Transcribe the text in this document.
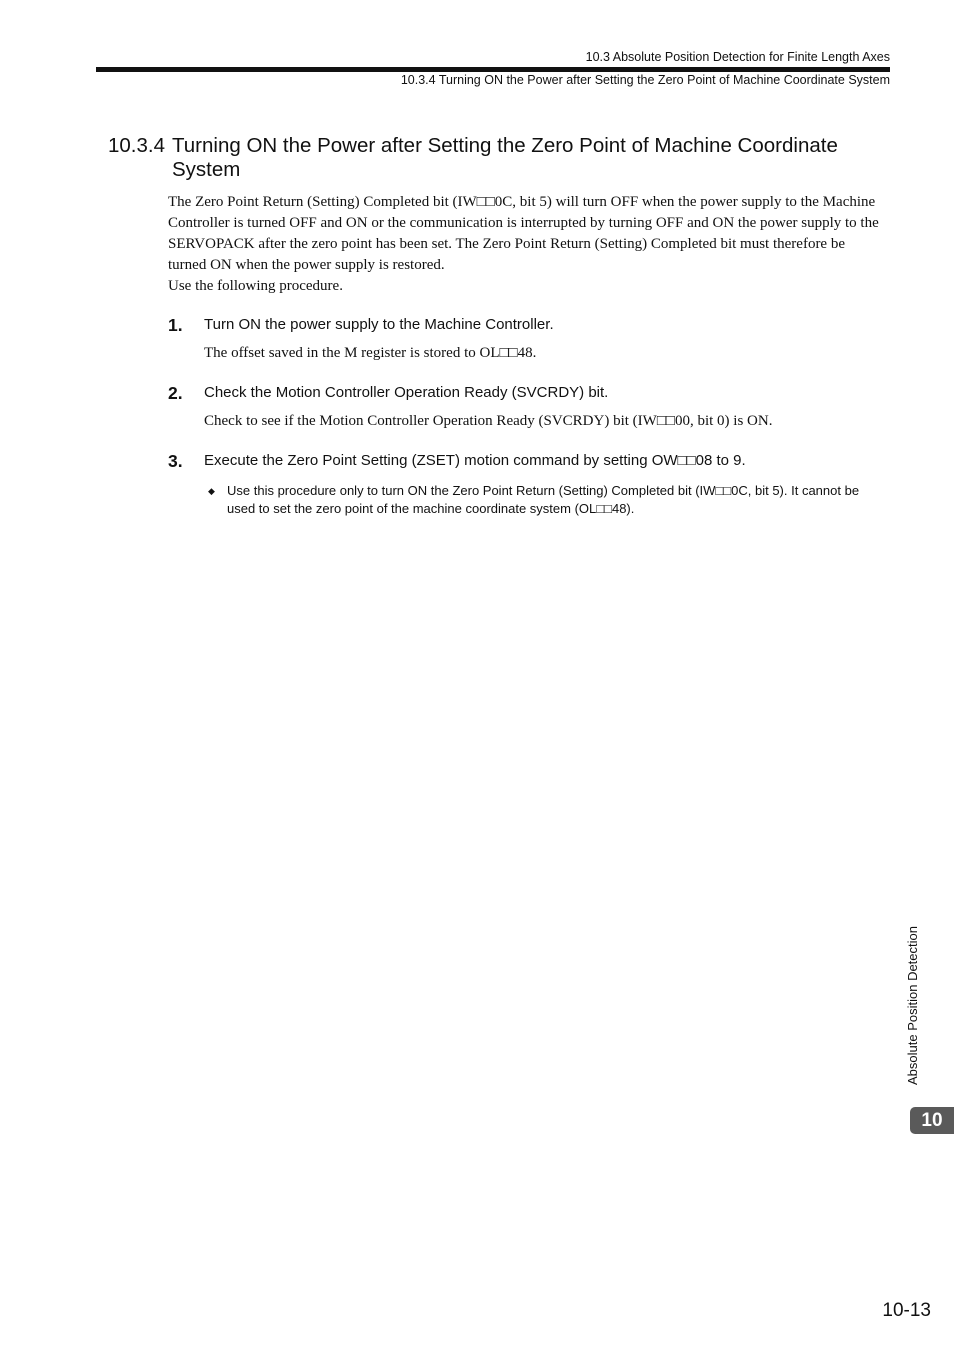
10.3 Absolute Position Detection for Finite Length Axes
10.3.4 Turning ON the Power after Setting the Zero Point of Machine Coordinate System
10.3.4 Turning ON the Power after Setting the Zero Point of Machine Coordinate
System

The Zero Point Return (Setting) Completed bit (IW□□0C, bit 5) will turn OFF when the power supply to the Machine

Controller is turned OFF and ON or the communication is interrupted by turning OFF and ON the power supply to the

SERVOPACK after the zero point has been set. The Zero Point Return (Setting) Completed bit must therefore be

turned ON when the power supply is restored.

Use the following procedure.

1. Turn ON the power supply to the Machine Controller.
The offset saved in the M register is stored to OL□□48.
2. Check the Motion Controller Operation Ready (SVCRDY) bit.
Check to see if the Motion Controller Operation Ready (SVCRDY) bit (IW□□00, bit 0) is ON.
3. Execute the Zero Point Setting (ZSET) motion command by setting OW□□08 to 9.
◆ Use this procedure only to turn ON the Zero Point Return (Setting) Completed bit (IW□□0C, bit 5). It cannot be
used to set the zero point of the machine coordinate system (OL□□48).
Absolute Position Detection
10
10-13
